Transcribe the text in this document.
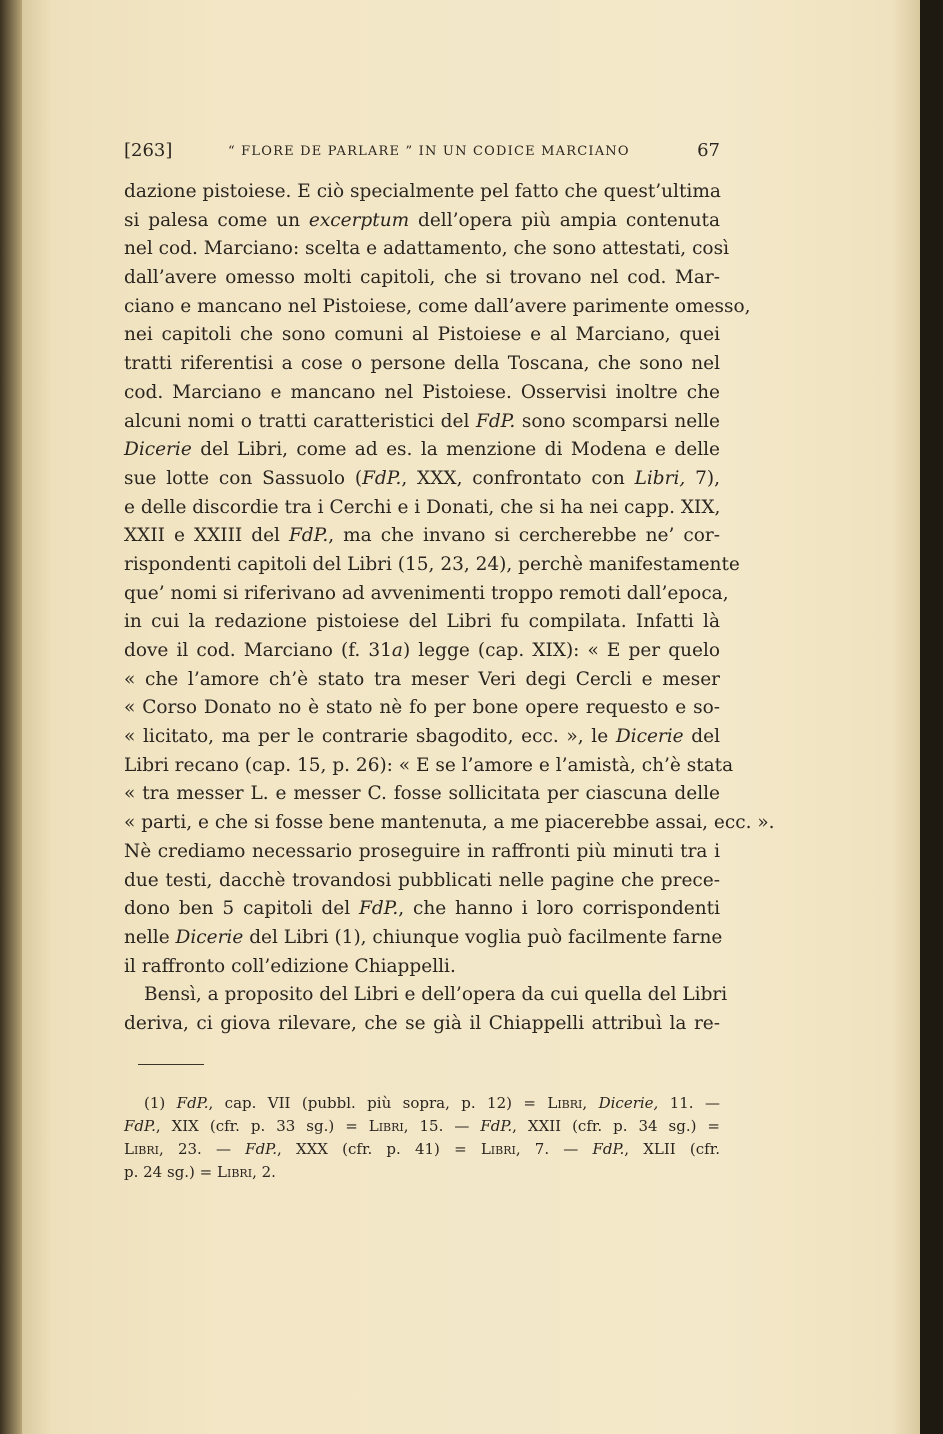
[263]	“ FLORE DE PARLARE ” IN UN CODICE MARCIANO	67
dazione pistoiese. E ciò specialmente pel fatto che quest’ultima
si palesa come un excerptum dell’opera più ampia contenuta
nel cod. Marciano: scelta e adattamento, che sono attestati, così
dall’avere omesso molti capitoli, che si trovano nel cod. Mar-
ciano e mancano nel Pistoiese, come dall’avere parimente omesso,
nei capitoli che sono comuni al Pistoiese e al Marciano, quei
tratti riferentisi a cose o persone della Toscana, che sono nel
cod. Marciano e mancano nel Pistoiese. Osservisi inoltre che
alcuni nomi o tratti caratteristici del FdP. sono scomparsi nelle
Dicerie del Libri, come ad es. la menzione di Modena e delle
sue lotte con Sassuolo (FdP., XXX, confrontato con Libri, 7),
e delle discordie tra i Cerchi e i Donati, che si ha nei capp. XIX,
XXII e XXIII del FdP., ma che invano si cercherebbe ne’ cor-
rispondenti capitoli del Libri (15, 23, 24), perchè manifestamente
que’ nomi si riferivano ad avvenimenti troppo remoti dall’epoca,
in cui la redazione pistoiese del Libri fu compilata. Infatti là
dove il cod. Marciano (f. 31a) legge (cap. XIX): « E per quelo
« che l’amore ch’è stato tra meser Veri degi Cercli e meser
« Corso Donato no è stato nè fo per bone opere requesto e so-
« licitato, ma per le contrarie sbagodito, ecc. », le Dicerie del
Libri recano (cap. 15, p. 26): « E se l’amore e l’amistà, ch’è stata
« tra messer L. e messer C. fosse sollicitata per ciascuna delle
« parti, e che si fosse bene mantenuta, a me piacerebbe assai, ecc. ».
Nè crediamo necessario proseguire in raffronti più minuti tra i
due testi, dacchè trovandosi pubblicati nelle pagine che prece-
dono ben 5 capitoli del FdP., che hanno i loro corrispondenti
nelle Dicerie del Libri (1), chiunque voglia può facilmente farne
il raffronto coll’edizione Chiappelli.
Bensì, a proposito del Libri e dell’opera da cui quella del Libri
deriva, ci giova rilevare, che se già il Chiappelli attribuì la re-
(1) FdP., cap. VII (pubbl. più sopra, p. 12) = Libri, Dicerie, 11. —
FdP., XIX (cfr. p. 33 sg.) = Libri, 15. — FdP., XXII (cfr. p. 34 sg.) =
Libri, 23. — FdP., XXX (cfr. p. 41) = Libri, 7. — FdP., XLII (cfr.
p. 24 sg.) = Libri, 2.
